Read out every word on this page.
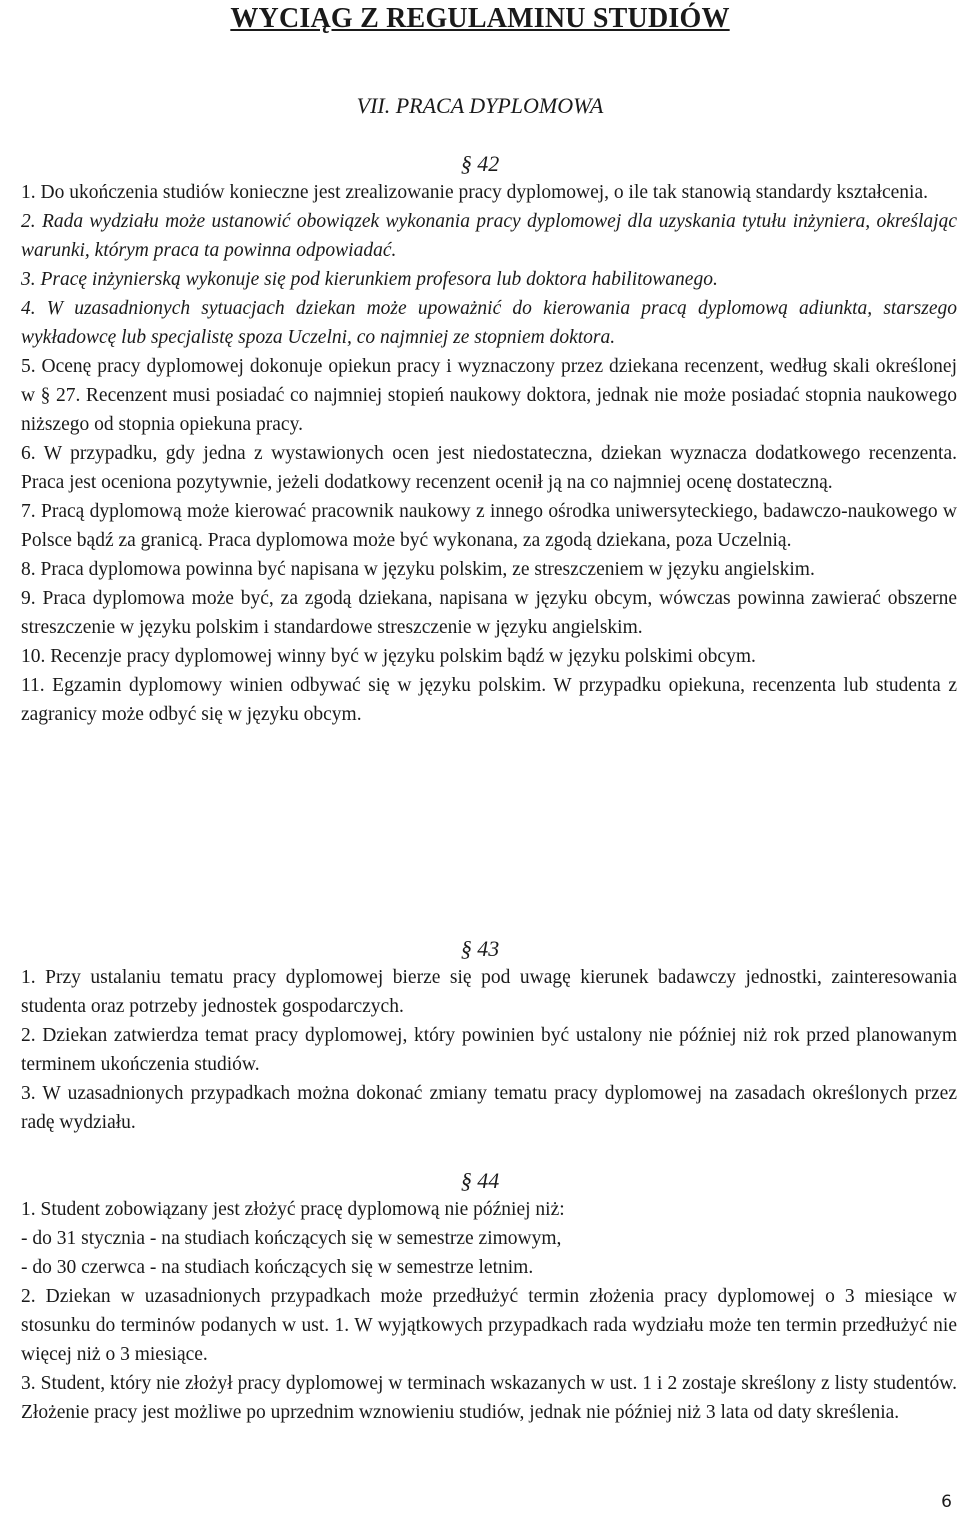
WYCIĄG Z REGULAMINU STUDIÓW
VII. PRACA DYPLOMOWA
§ 42

1. Do ukończenia studiów konieczne jest zrealizowanie pracy dyplomowej, o ile tak stanowią standardy kształcenia.

2. Rada wydziału może ustanowić obowiązek wykonania pracy dyplomowej dla uzyskania tytułu inżyniera, określając warunki, którym praca ta powinna odpowiadać.

3. Pracę inżynierską wykonuje się pod kierunkiem profesora lub doktora habilitowanego.

4. W uzasadnionych sytuacjach dziekan może upoważnić do kierowania pracą dyplomową adiunkta, starszego wykładowcę lub specjalistę spoza Uczelni, co najmniej ze stopniem doktora.

5. Ocenę pracy dyplomowej dokonuje opiekun pracy i wyznaczony przez dziekana recenzent, według skali określonej w § 27. Recenzent musi posiadać co najmniej stopień naukowy doktora, jednak nie może posiadać stopnia naukowego niższego od stopnia opiekuna pracy.

6. W przypadku, gdy jedna z wystawionych ocen jest niedostateczna, dziekan wyznacza dodatkowego recenzenta. Praca jest oceniona pozytywnie, jeżeli dodatkowy recenzent ocenił ją na co najmniej ocenę dostateczną.

7. Pracą dyplomową może kierować pracownik naukowy z innego ośrodka uniwersyteckiego, badawczo-naukowego w Polsce bądź za granicą. Praca dyplomowa może być wykonana, za zgodą dziekana, poza Uczelnią.

8. Praca dyplomowa powinna być napisana w języku polskim, ze streszczeniem w języku angielskim.

9. Praca dyplomowa może być, za zgodą dziekana, napisana w języku obcym, wówczas powinna zawierać obszerne streszczenie w języku polskim i standardowe streszczenie w języku angielskim.

10. Recenzje pracy dyplomowej winny być w języku polskim bądź w języku polskimi obcym.

11. Egzamin dyplomowy winien odbywać się w języku polskim. W przypadku opiekuna, recenzenta lub studenta z zagranicy może odbyć się w języku obcym.

§ 43

1. Przy ustalaniu tematu pracy dyplomowej bierze się pod uwagę kierunek badawczy jednostki, zainteresowania studenta oraz potrzeby jednostek gospodarczych.

2. Dziekan zatwierdza temat pracy dyplomowej, który powinien być ustalony nie później niż rok przed planowanym terminem ukończenia studiów.

3. W uzasadnionych przypadkach można dokonać zmiany tematu pracy dyplomowej na zasadach określonych przez radę wydziału.

§ 44

1. Student zobowiązany jest złożyć pracę dyplomową nie później niż:

- do 31 stycznia - na studiach kończących się w semestrze zimowym,

- do 30 czerwca - na studiach kończących się w semestrze letnim.

2. Dziekan w uzasadnionych przypadkach może przedłużyć termin złożenia pracy dyplomowej o 3 miesiące w stosunku do terminów podanych w ust. 1. W wyjątkowych przypadkach rada wydziału może ten termin przedłużyć nie więcej niż o 3 miesiące.

3. Student, który nie złożył pracy dyplomowej w terminach wskazanych w ust. 1 i 2 zostaje skreślony z listy studentów. Złożenie pracy jest możliwe po uprzednim wznowieniu studiów, jednak nie później niż 3 lata od daty skreślenia.

6
